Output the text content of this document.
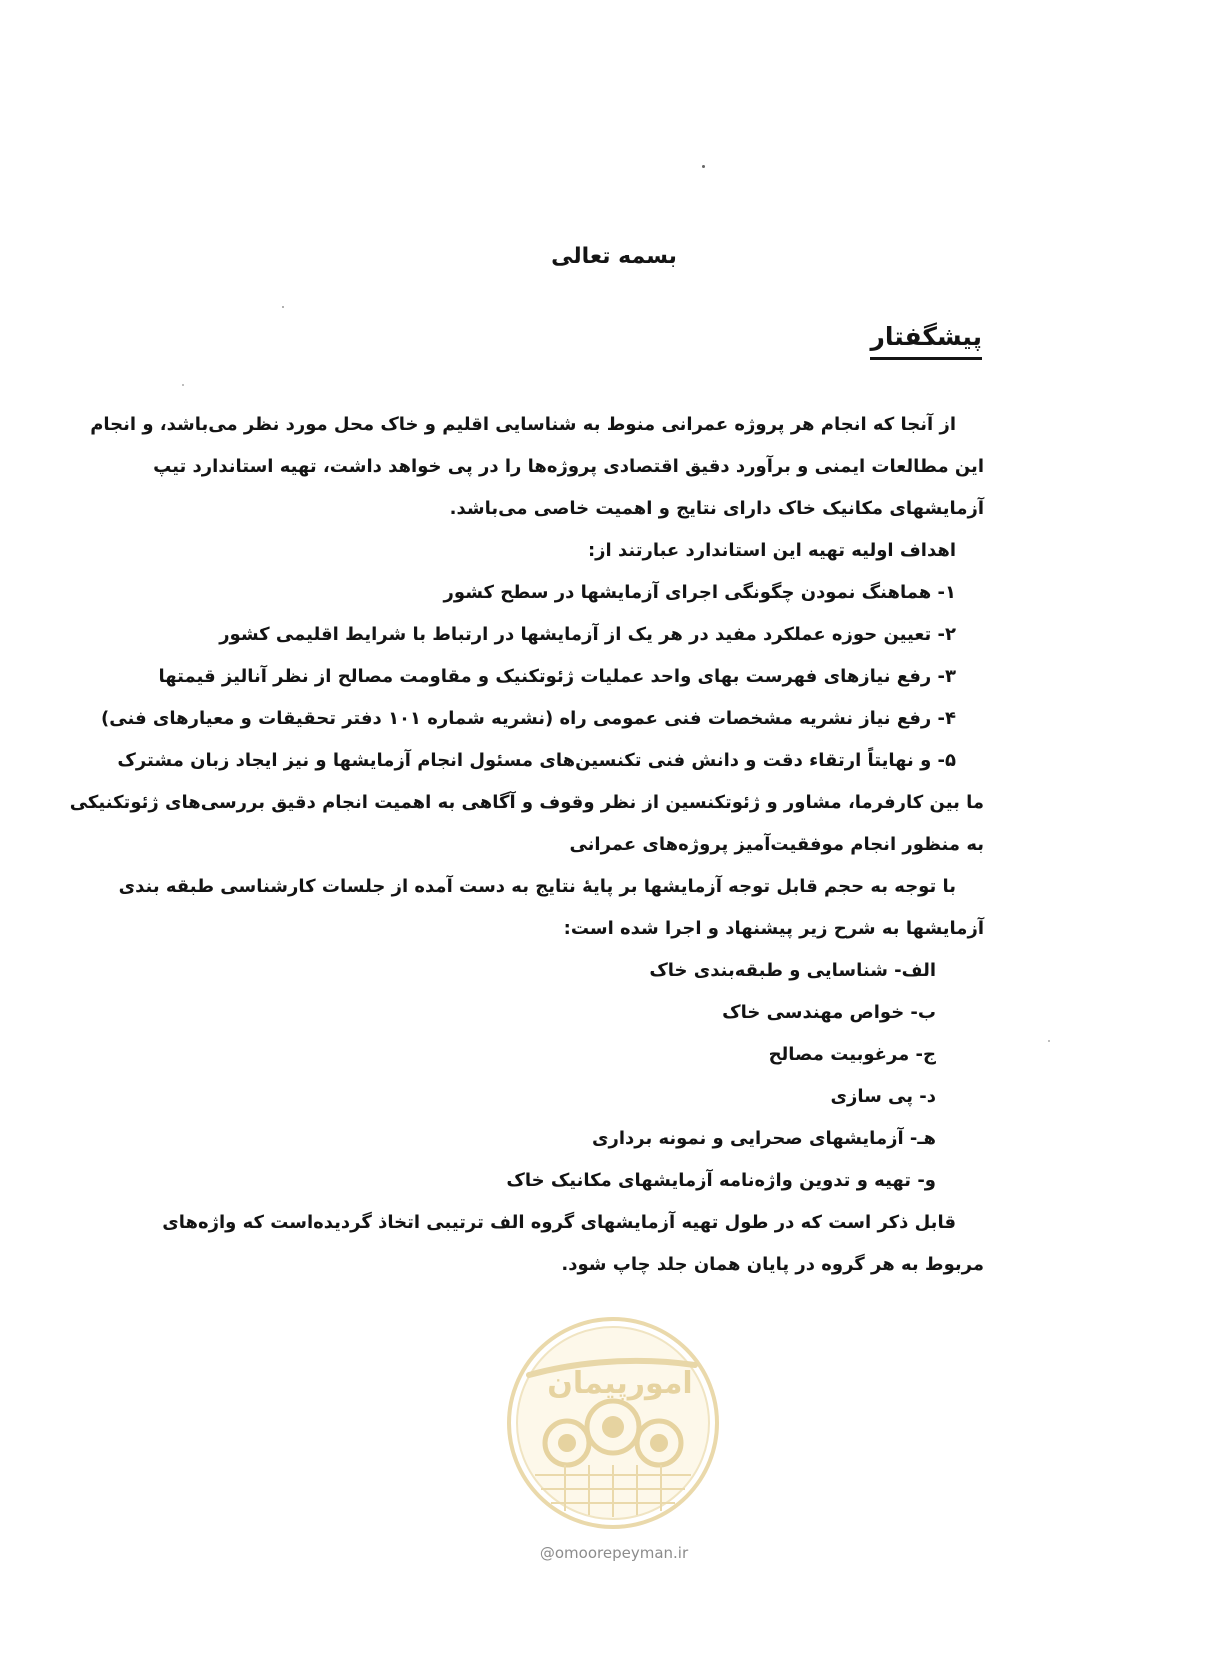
بسمه تعالی
پیشگفتار
از آنجا که انجام هر پروژه عمرانی منوط به شناسایی اقلیم و خاک محل مورد نظر می‌باشد، و انجام
این مطالعات ایمنی و برآورد دقیق اقتصادی پروژه‌ها را در پی خواهد داشت، تهیه استاندارد تیپ
آزمایشهای مکانیک خاک دارای نتایج و اهمیت خاصی می‌باشد.
اهداف اولیه تهیه این استاندارد عبارتند از:
۱- هماهنگ نمودن چگونگی اجرای آزمایشها در سطح کشور
۲- تعیین حوزه عملکرد مفید در هر یک از آزمایشها در ارتباط با شرایط اقلیمی کشور
۳- رفع نیازهای فهرست بهای واحد عملیات ژئوتکنیک و مقاومت مصالح از نظر آنالیز قیمتها
۴- رفع نیاز نشریه مشخصات فنی عمومی راه (نشریه شماره ۱۰۱ دفتر تحقیقات و معیارهای فنی)
۵- و نهایتاً ارتقاء دقت و دانش فنی تکنسین‌های مسئول انجام آزمایشها و نیز ایجاد زبان مشترک
ما بین کارفرما، مشاور و ژئوتکنسین از نظر وقوف و آگاهی به اهمیت انجام دقیق بررسی‌های ژئوتکنیکی
به منظور انجام موفقیت‌آمیز پروژه‌های عمرانی
با توجه به حجم قابل توجه آزمایشها بر پایهٔ نتایج به دست آمده از جلسات کارشناسی طبقه بندی
آزمایشها به شرح زیر پیشنهاد و اجرا شده است:
الف- شناسایی و طبقه‌بندی خاک
ب- خواص مهندسی خاک
ج- مرغوبیت مصالح
د- پی سازی
هـ- آزمایشهای صحرایی و نمونه برداری
و- تهیه و تدوین واژه‌نامه آزمایشهای مکانیک خاک
قابل ذکر است که در طول تهیه آزمایشهای گروه الف ترتیبی اتخاذ گردیده‌است که واژه‌های
مربوط به هر گروه در پایان همان جلد چاپ شود.
امورپیمان
@omoorepeyman.ir
